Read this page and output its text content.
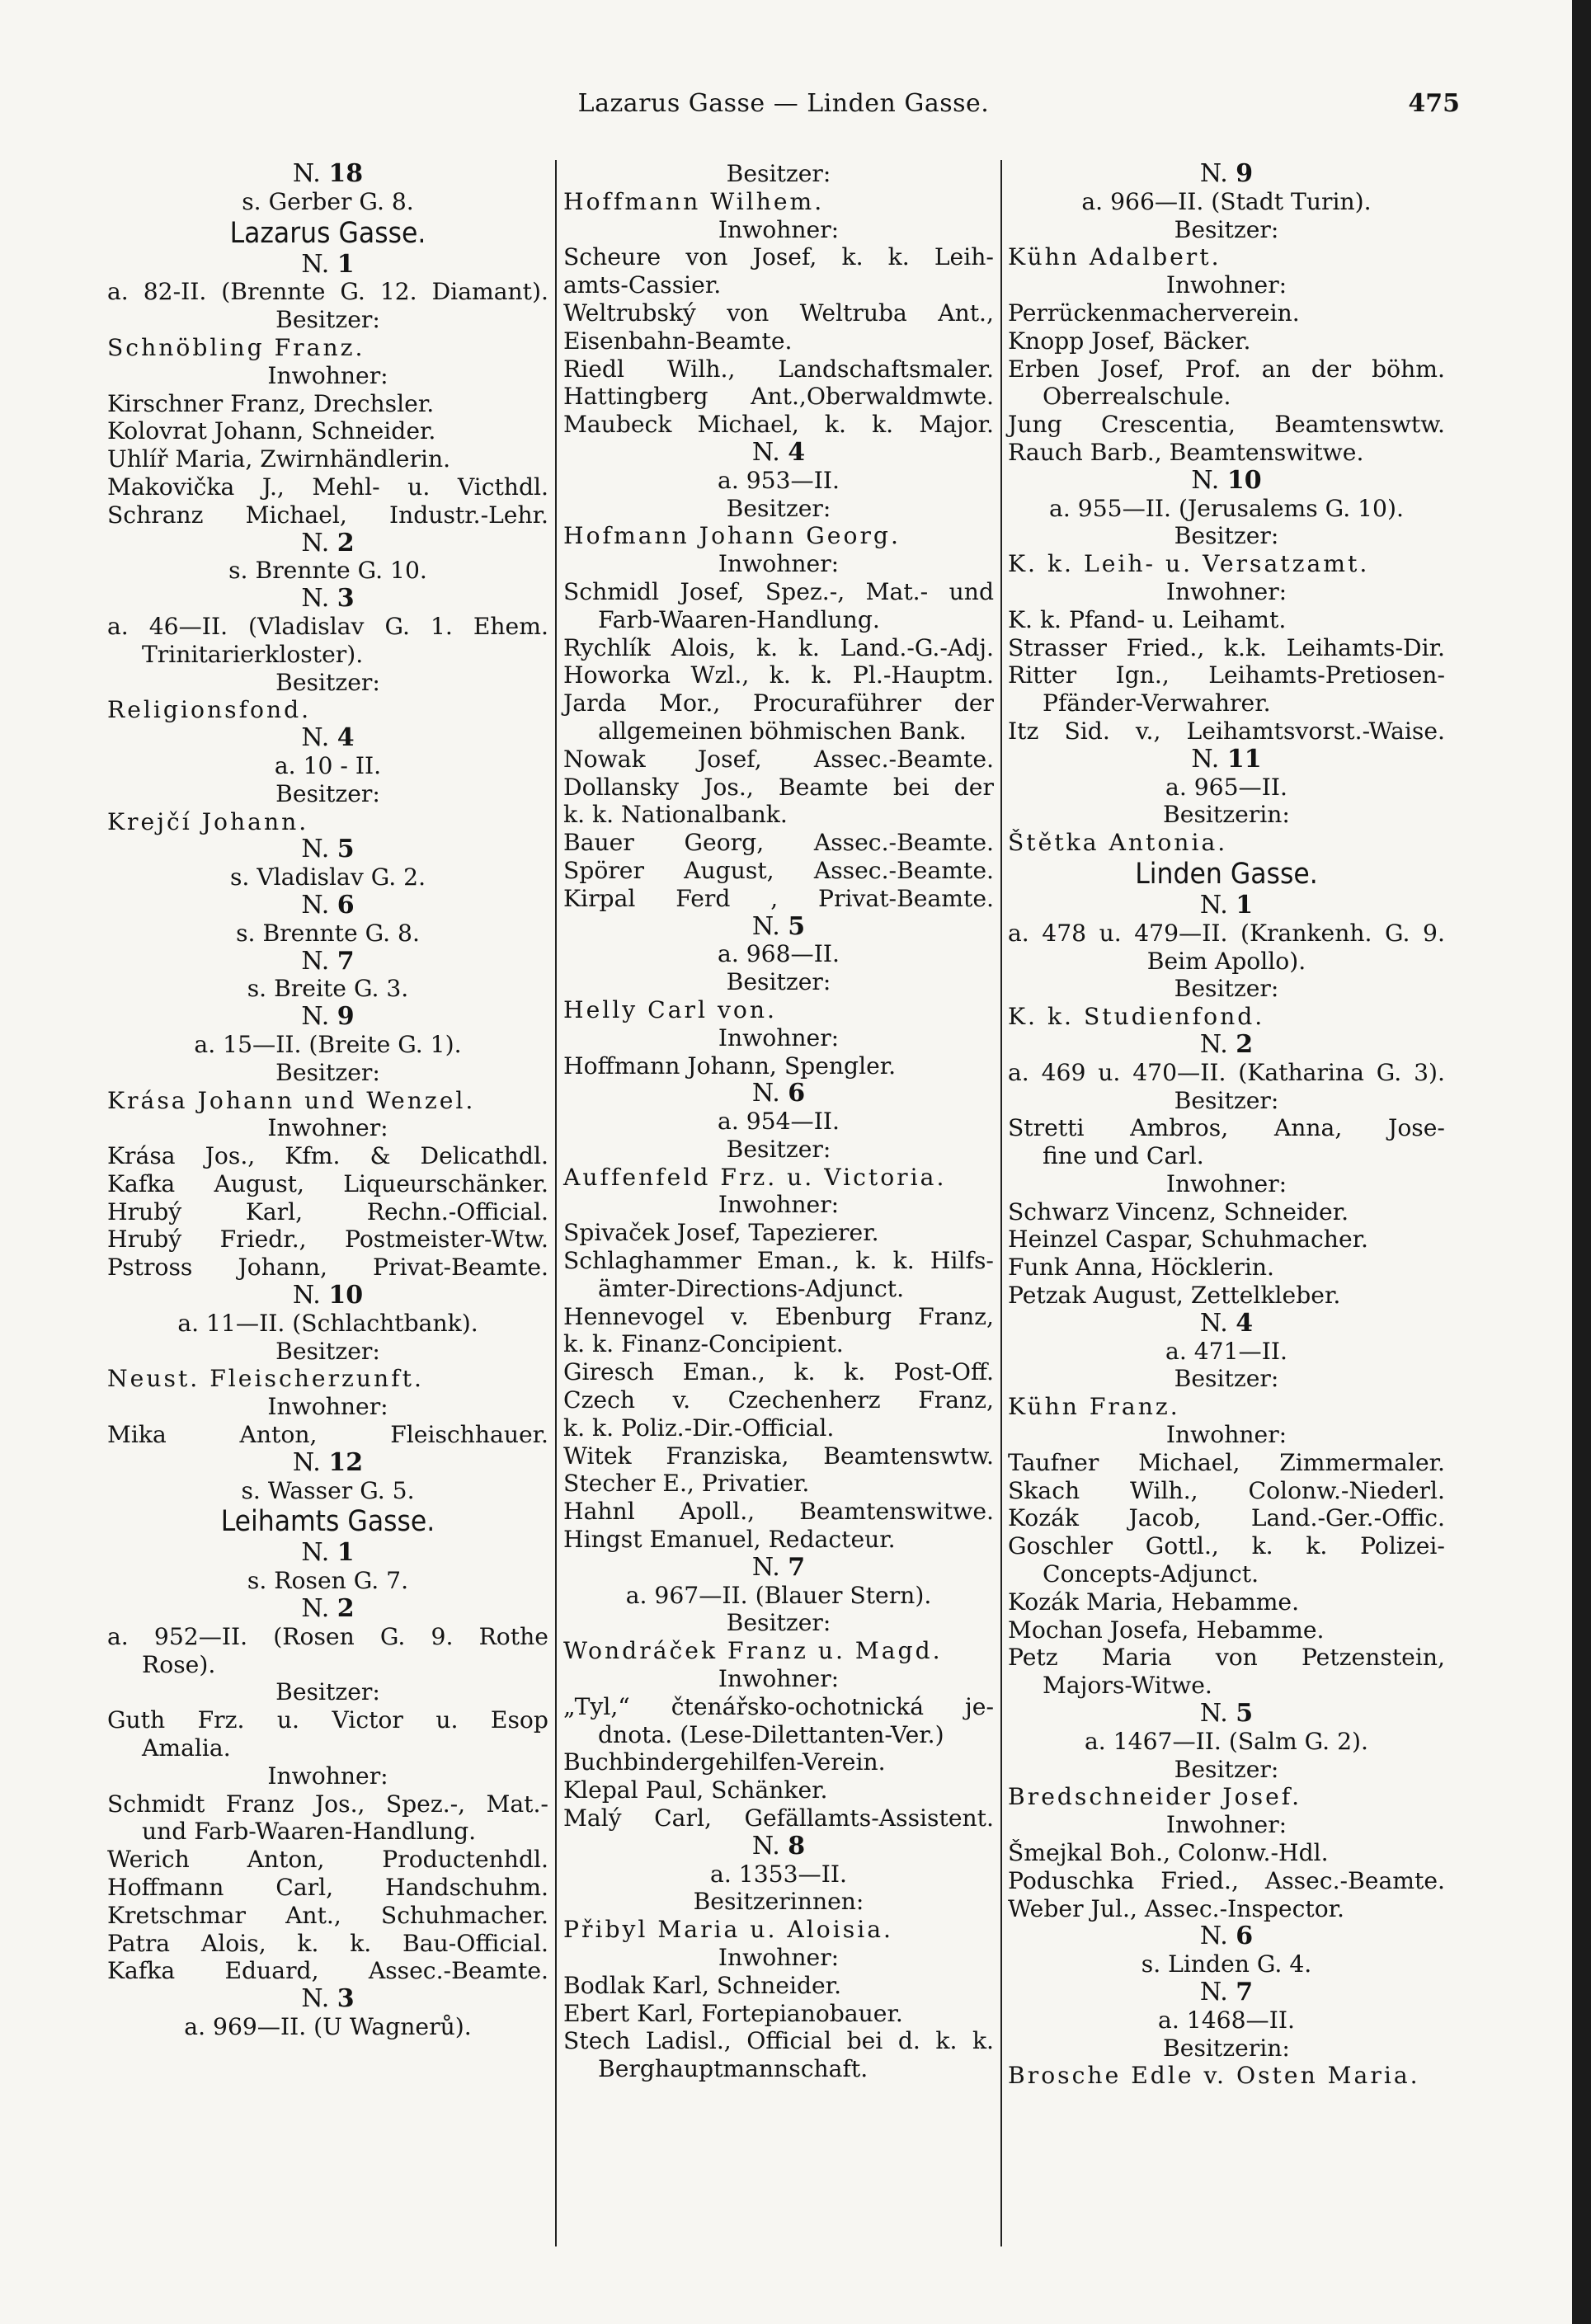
Lazarus Gasse — Linden Gasse.	475
N. 18
s. Gerber G. 8.
Lazarus Gasse.
N. 1
a. 82-II. (Brennte G. 12. Diamant).
Besitzer:
Schnöbling Franz.
Inwohner:
Kirschner Franz, Drechsler.
Kolovrat Johann, Schneider.
Uhlíř Maria, Zwirnhändlerin.
Makovička J., Mehl- u. Victhdl.
Schranz Michael, Industr.-Lehr.
N. 2
s. Brennte G. 10.
N. 3
a. 46—II. (Vladislav G. 1. Ehem.
Trinitarierkloster).
Besitzer:
Religionsfond.
N. 4
a. 10 - II.
Besitzer:
Krejčí Johann.
N. 5
s. Vladislav G. 2.
N. 6
s. Brennte G. 8.
N. 7
s. Breite G. 3.
N. 9
a. 15—II. (Breite G. 1).
Besitzer:
Krása Johann und Wenzel.
Inwohner:
Krása Jos., Kfm. & Delicathdl.
Kafka August, Liqueurschänker.
Hrubý	Karl,	Rechn.-Official.
Hrubý Friedr., Postmeister-Wtw.
Pstross Johann, Privat-Beamte.
N. 10
a. 11—II. (Schlachtbank).
Besitzer:
Neust. Fleischerzunft.
Inwohner:
Mika	Anton,	Fleischhauer.
N. 12
s. Wasser G. 5.
Leihamts Gasse.
N. 1
s. Rosen G. 7.
N. 2
a. 952—II. (Rosen G. 9. Rothe
Rose).
Besitzer:
Guth Frz. u. Victor u. Esop
Amalia.
Inwohner:
Schmidt Franz Jos., Spez.-, Mat.-
und Farb-Waaren-Handlung.
Werich Anton, Productenhdl.
Hoffmann Carl, Handschuhm.
Kretschmar Ant., Schuhmacher.
Patra Alois, k. k. Bau-Official.
Kafka Eduard, Assec.-Beamte.
N. 3
a. 969—II. (U Wagnerů).
Besitzer:
Hoffmann Wilhem.
Inwohner:
Scheure von Josef, k. k. Leih-
amts-Cassier.
Weltrubský von Weltruba Ant.,
Eisenbahn-Beamte.
Riedl Wilh., Landschaftsmaler.
Hattingberg Ant.,Oberwaldmwte.
Maubeck Michael, k. k. Major.
N. 4
a. 953—II.
Besitzer:
Hofmann Johann Georg.
Inwohner:
Schmidl Josef, Spez.-, Mat.- und
Farb-Waaren-Handlung.
Rychlík Alois, k. k. Land.-G.-Adj.
Howorka Wzl., k. k. Pl.-Hauptm.
Jarda Mor., Procuraführer der
allgemeinen böhmischen Bank.
Nowak Josef, Assec.-Beamte.
Dollansky Jos., Beamte bei der
k. k. Nationalbank.
Bauer Georg, Assec.-Beamte.
Spörer August, Assec.-Beamte.
Kirpal Ferd , Privat-Beamte.
N. 5
a. 968—II.
Besitzer:
Helly Carl von.
Inwohner:
Hoffmann Johann, Spengler.
N. 6
a. 954—II.
Besitzer:
Auffenfeld Frz. u. Victoria.
Inwohner:
Spivaček Josef, Tapezierer.
Schlaghammer Eman., k. k. Hilfs-
ämter-Directions-Adjunct.
Hennevogel v. Ebenburg Franz,
k. k. Finanz-Concipient.
Giresch Eman., k. k. Post-Off.
Czech v. Czechenherz Franz,
k. k. Poliz.-Dir.-Official.
Witek Franziska, Beamtenswtw.
Stecher E., Privatier.
Hahnl Apoll., Beamtenswitwe.
Hingst Emanuel, Redacteur.
N. 7
a. 967—II. (Blauer Stern).
Besitzer:
Wondráček Franz u. Magd.
Inwohner:
„Tyl,“ čtenářsko-ochotnická je-
dnota. (Lese-Dilettanten-Ver.)
Buchbindergehilfen-Verein.
Klepal Paul, Schänker.
Malý Carl, Gefällamts-Assistent.
N. 8
a. 1353—II.
Besitzerinnen:
Přibyl Maria u. Aloisia.
Inwohner:
Bodlak Karl, Schneider.
Ebert Karl, Fortepianobauer.
Stech Ladisl., Official bei d. k. k.
Berghauptmannschaft.
N. 9
a. 966—II. (Stadt Turin).
Besitzer:
Kühn Adalbert.
Inwohner:
Perrückenmacherverein.
Knopp Josef, Bäcker.
Erben Josef, Prof. an der böhm.
Oberrealschule.
Jung Crescentia, Beamtenswtw.
Rauch Barb., Beamtenswitwe.
N. 10
a. 955—II. (Jerusalems G. 10).
Besitzer:
K. k. Leih- u. Versatzamt.
Inwohner:
K. k. Pfand- u. Leihamt.
Strasser Fried., k.k. Leihamts-Dir.
Ritter Ign., Leihamts-Pretiosen-
Pfänder-Verwahrer.
Itz Sid. v., Leihamtsvorst.-Waise.
N. 11
a. 965—II.
Besitzerin:
Štětka Antonia.
Linden Gasse.
N. 1
a. 478 u. 479—II. (Krankenh. G. 9.
Beim Apollo).
Besitzer:
K. k. Studienfond.
N. 2
a. 469 u. 470—II. (Katharina G. 3).
Besitzer:
Stretti Ambros, Anna, Jose-
fine und Carl.
Inwohner:
Schwarz Vincenz, Schneider.
Heinzel Caspar, Schuhmacher.
Funk Anna, Höcklerin.
Petzak August, Zettelkleber.
N. 4
a. 471—II.
Besitzer:
Kühn Franz.
Inwohner:
Taufner Michael, Zimmermaler.
Skach Wilh., Colonw.-Niederl.
Kozák Jacob, Land.-Ger.-Offic.
Goschler Gottl., k. k. Polizei-
Concepts-Adjunct.
Kozák Maria, Hebamme.
Mochan Josefa, Hebamme.
Petz Maria von Petzenstein,
Majors-Witwe.
N. 5
a. 1467—II. (Salm G. 2).
Besitzer:
Bredschneider Josef.
Inwohner:
Šmejkal Boh., Colonw.-Hdl.
Poduschka Fried., Assec.-Beamte.
Weber Jul., Assec.-Inspector.
N. 6
s. Linden G. 4.
N. 7
a. 1468—II.
Besitzerin:
Brosche Edle v. Osten Maria.
